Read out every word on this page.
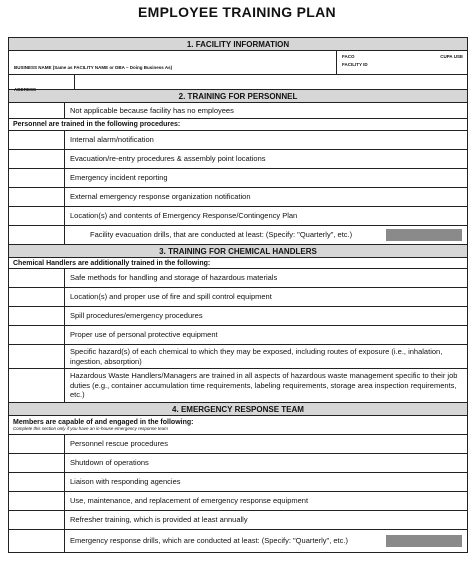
EMPLOYEE TRAINING PLAN
1. FACILITY INFORMATION
BUSINESS NAME (Same as FACILITY NAME or DBA – Doing Business As)
FACO	CUPA USE
FACILITY ID
ADDRESS
2. TRAINING FOR PERSONNEL
Not applicable because facility has no employees
Personnel are trained in the following procedures:
Internal alarm/notification
Evacuation/re-entry procedures & assembly point locations
Emergency incident reporting
External emergency response organization notification
Location(s) and contents of Emergency Response/Contingency Plan
Facility evacuation drills, that are conducted at least: (Specify: "Quarterly", etc.)
3. TRAINING FOR CHEMICAL HANDLERS
Chemical Handlers are additionally trained in the following:
Safe methods for handling and storage of hazardous materials
Location(s) and proper use of fire and spill control equipment
Spill procedures/emergency procedures
Proper use of personal protective equipment
Specific hazard(s) of each chemical to which they may be exposed, including routes of exposure (i.e., inhalation, ingestion, absorption)
Hazardous Waste Handlers/Managers are trained in all aspects of hazardous waste management specific to their job duties (e.g., container accumulation time requirements, labeling requirements, storage area inspection requirements, etc.)
4. EMERGENCY RESPONSE TEAM
Members are capable of and engaged in the following:
Complete this section only if you have an in-house emergency response team
Personnel rescue procedures
Shutdown of operations
Liaison with responding agencies
Use, maintenance, and replacement of emergency response equipment
Refresher training, which is provided at least annually
Emergency response drills, which are conducted at least: (Specify: "Quarterly", etc.)
